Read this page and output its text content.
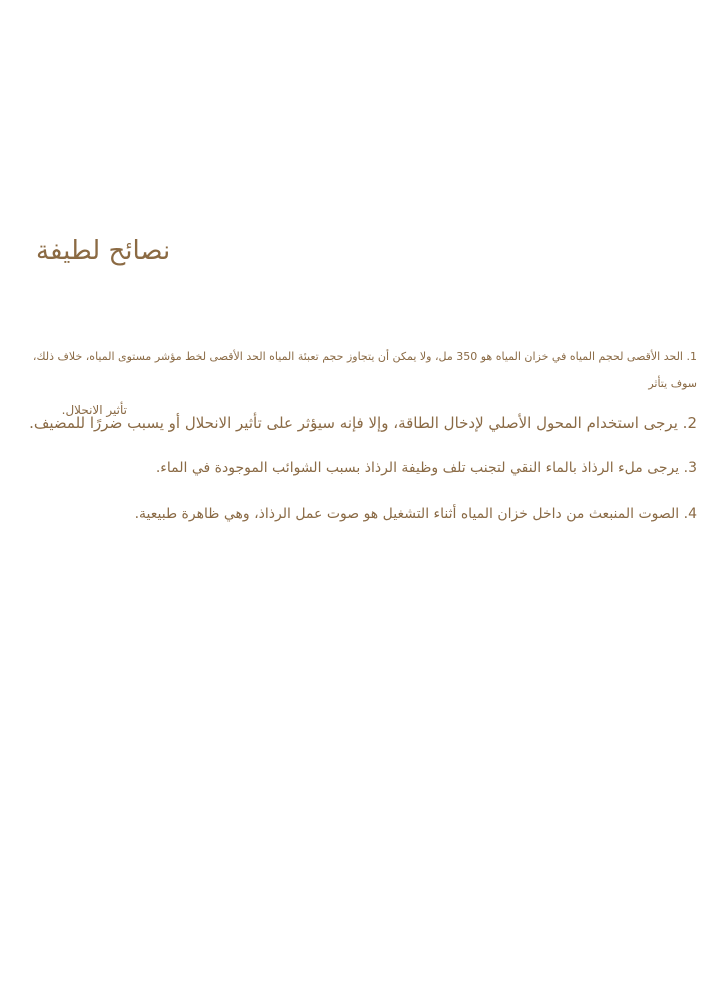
نصائح لطيفة
1. الحد الأقصى لحجم المياه في خزان المياه هو 350 مل، ولا يمكن أن يتجاوز حجم تعبئة المياه الحد الأقصى لخط مؤشر مستوى المياه، خلاف ذلك، سوف يتأثر
تأثير الانحلال.

2. يرجى استخدام المحول الأصلي لإدخال الطاقة، وإلا فإنه سيؤثر على تأثير الانحلال أو يسبب ضررًا للمضيف.

3. يرجى ملء الرذاذ بالماء النقي لتجنب تلف وظيفة الرذاذ بسبب الشوائب الموجودة في الماء.

4. الصوت المنبعث من داخل خزان المياه أثناء التشغيل هو صوت عمل الرذاذ، وهي ظاهرة طبيعية.
